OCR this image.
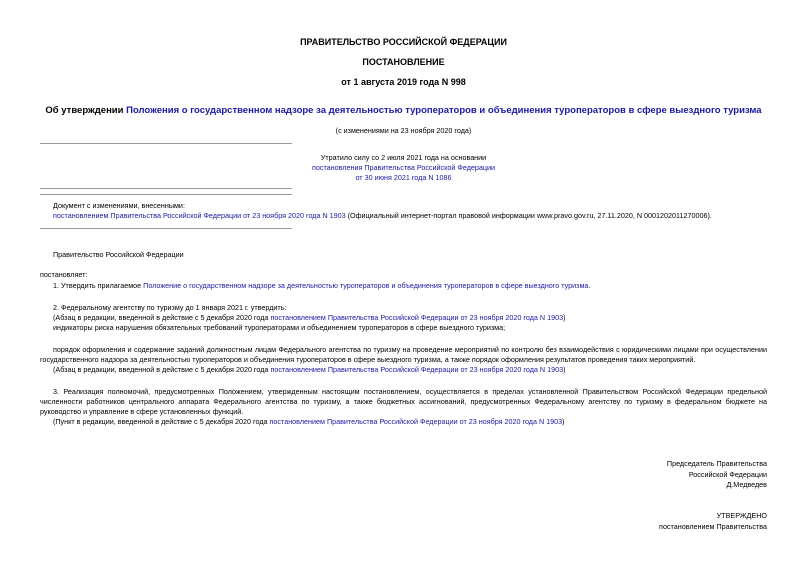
ПРАВИТЕЛЬСТВО РОССИЙСКОЙ ФЕДЕРАЦИИ
ПОСТАНОВЛЕНИЕ
от 1 августа 2019 года N 998
Об утверждении Положения о государственном надзоре за деятельностью туроператоров и объединения туроператоров в сфере выездного туризма
(с изменениями на 23 ноября 2020 года)
Утратило силу со 2 июля 2021 года на основании
постановления Правительства Российской Федерации
от 30 июня 2021 года N 1086
Документ с изменениями, внесенными:
постановлением Правительства Российской Федерации от 23 ноября 2020 года N 1903 (Официальный интернет-портал правовой информации www.pravo.gov.ru, 27.11.2020, N 0001202011270006).
Правительство Российской Федерации
постановляет:
1. Утвердить прилагаемое Положение о государственном надзоре за деятельностью туроператоров и объединения туроператоров в сфере выездного туризма.
2. Федеральному агентству по туризму до 1 января 2021 г. утвердить:
(Абзац в редакции, введенной в действие с 5 декабря 2020 года постановлением Правительства Российской Федерации от 23 ноября 2020 года N 1903)
индикаторы риска нарушения обязательных требований туроператорами и объединением туроператоров в сфере выездного туризма;
порядок оформления и содержание заданий должностным лицам Федерального агентства по туризму на проведение мероприятий по контролю без взаимодействия с юридическими лицами при осуществлении государственного надзора за деятельностью туроператоров и объединения туроператоров в сфере выездного туризма, а также порядок оформления результатов проведения таких мероприятий.
(Абзац в редакции, введенной в действие с 5 декабря 2020 года постановлением Правительства Российской Федерации от 23 ноября 2020 года N 1903)
3. Реализация полномочий, предусмотренных Положением, утвержденным настоящим постановлением, осуществляется в пределах установленной Правительством Российской Федерации предельной численности работников центрального аппарата Федерального агентства по туризму, а также бюджетных ассигнований, предусмотренных Федеральному агентству по туризму в федеральном бюджете на руководство и управление в сфере установленных функций.
(Пункт в редакции, введенной в действие с 5 декабря 2020 года постановлением Правительства Российской Федерации от 23 ноября 2020 года N 1903)
Председатель Правительства
Российской Федерации
Д.Медведев
УТВЕРЖДЕНО
постановлением Правительства
